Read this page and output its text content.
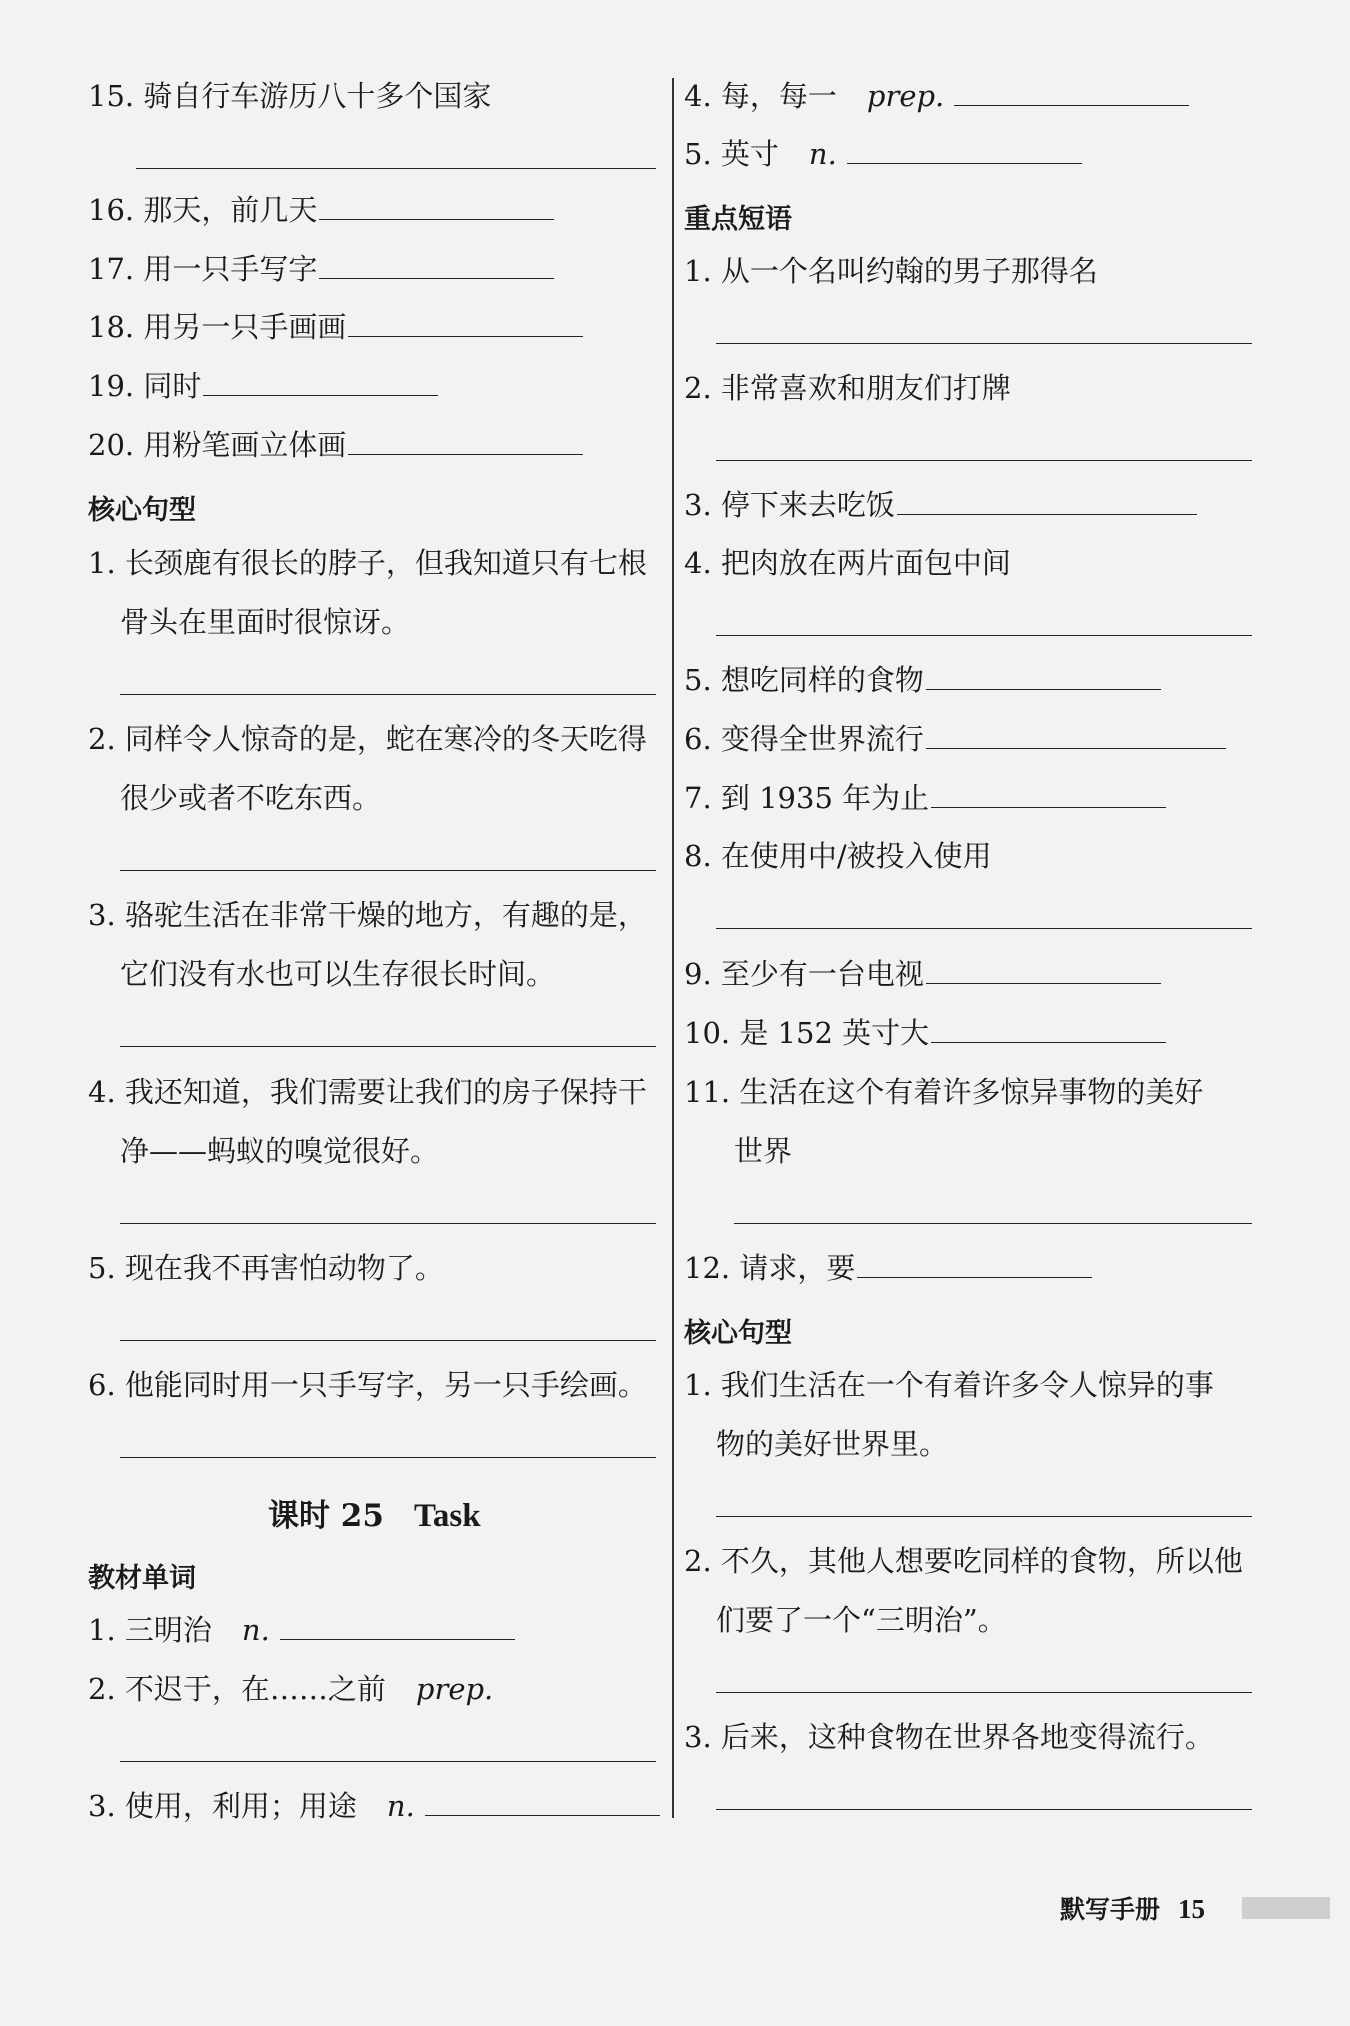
15. 骑自行车游历八十多个国家
16. 那天，前几天
17. 用一只手写字
18. 用另一只手画画
19. 同时
20. 用粉笔画立体画
核心句型
1. 长颈鹿有很长的脖子，但我知道只有七根
骨头在里面时很惊讶。
2. 同样令人惊奇的是，蛇在寒冷的冬天吃得
很少或者不吃东西。
3. 骆驼生活在非常干燥的地方，有趣的是，
它们没有水也可以生存很长时间。
4. 我还知道，我们需要让我们的房子保持干
净——蚂蚁的嗅觉很好。
5. 现在我不再害怕动物了。
6. 他能同时用一只手写字，另一只手绘画。
课时 25 Task
教材单词
1. 三明治 n.
2. 不迟于，在……之前 prep.
3. 使用，利用；用途 n.
4. 每，每一 prep.
5. 英寸 n.
重点短语
1. 从一个名叫约翰的男子那得名
2. 非常喜欢和朋友们打牌
3. 停下来去吃饭
4. 把肉放在两片面包中间
5. 想吃同样的食物
6. 变得全世界流行
7. 到 1935 年为止
8. 在使用中/被投入使用
9. 至少有一台电视
10. 是 152 英寸大
11. 生活在这个有着许多惊异事物的美好
世界
12. 请求，要
核心句型
1. 我们生活在一个有着许多令人惊异的事
物的美好世界里。
2. 不久，其他人想要吃同样的食物，所以他
们要了一个“三明治”。
3. 后来，这种食物在世界各地变得流行。
默写手册 15
